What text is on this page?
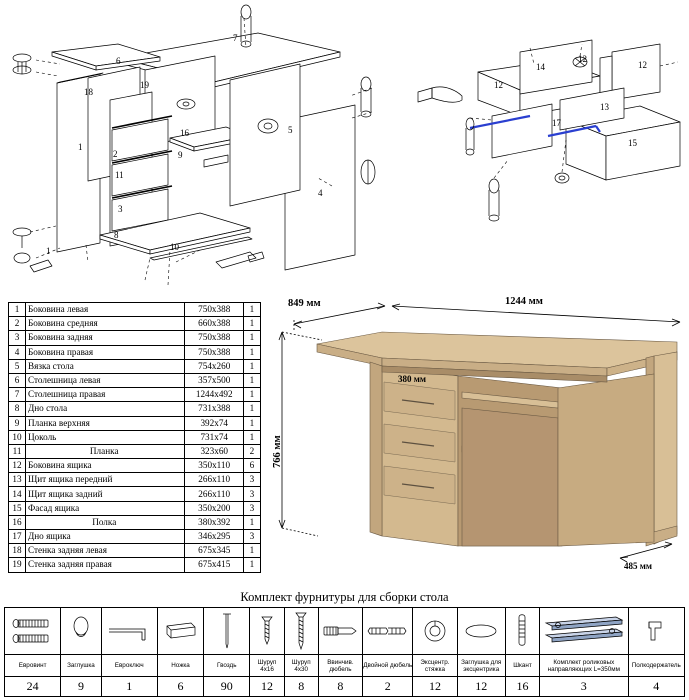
1
2
11
3
8
10
9
16
6
7
18
19
5
4
1
12
14	12
13
17
15
12
1	Боковина левая	750х388	1
2	Боковина средняя	660х388	1
3	Боковина задняя	750х388	1
4	Боковина правая	750х388	1
5	Вязка стола	754х260	1
6	Столешница левая	357х500	1
7	Столешница правая	1244х492	1
8	Дно стола	731х388	1
9	Планка верхняя	392х74	1
10	Цоколь	731х74	1
11	Планка	323х60	2
12	Боковина ящика	350х110	6
13	Щит ящика передний	266х110	3
14	Щит ящика задний	266х110	3
15	Фасад ящика	350х200	3
16	Полка	380х392	1
17	Дно ящика	346х295	3
18	Стенка задняя левая	675х345	1
19	Стенка задняя правая	675х415	1
849 мм	1244 мм
766 мм
380 мм
485 мм
Комплект фурнитуры для сборки стола

Евровинт	Заглушка	Евроключ	Ножка	Гвоздь	Шуруп 4х16	Шуруп 4х30	Ввинчив. дюбель	Двойной дюбель	Эксцентр. стяжка	Заглушка для эксцентрика	Шкант	Комплект роликовых направляющих L=350мм	Полкодержатель
24	9	1	6	90	12	8	8	2	12	12	16	3	4
